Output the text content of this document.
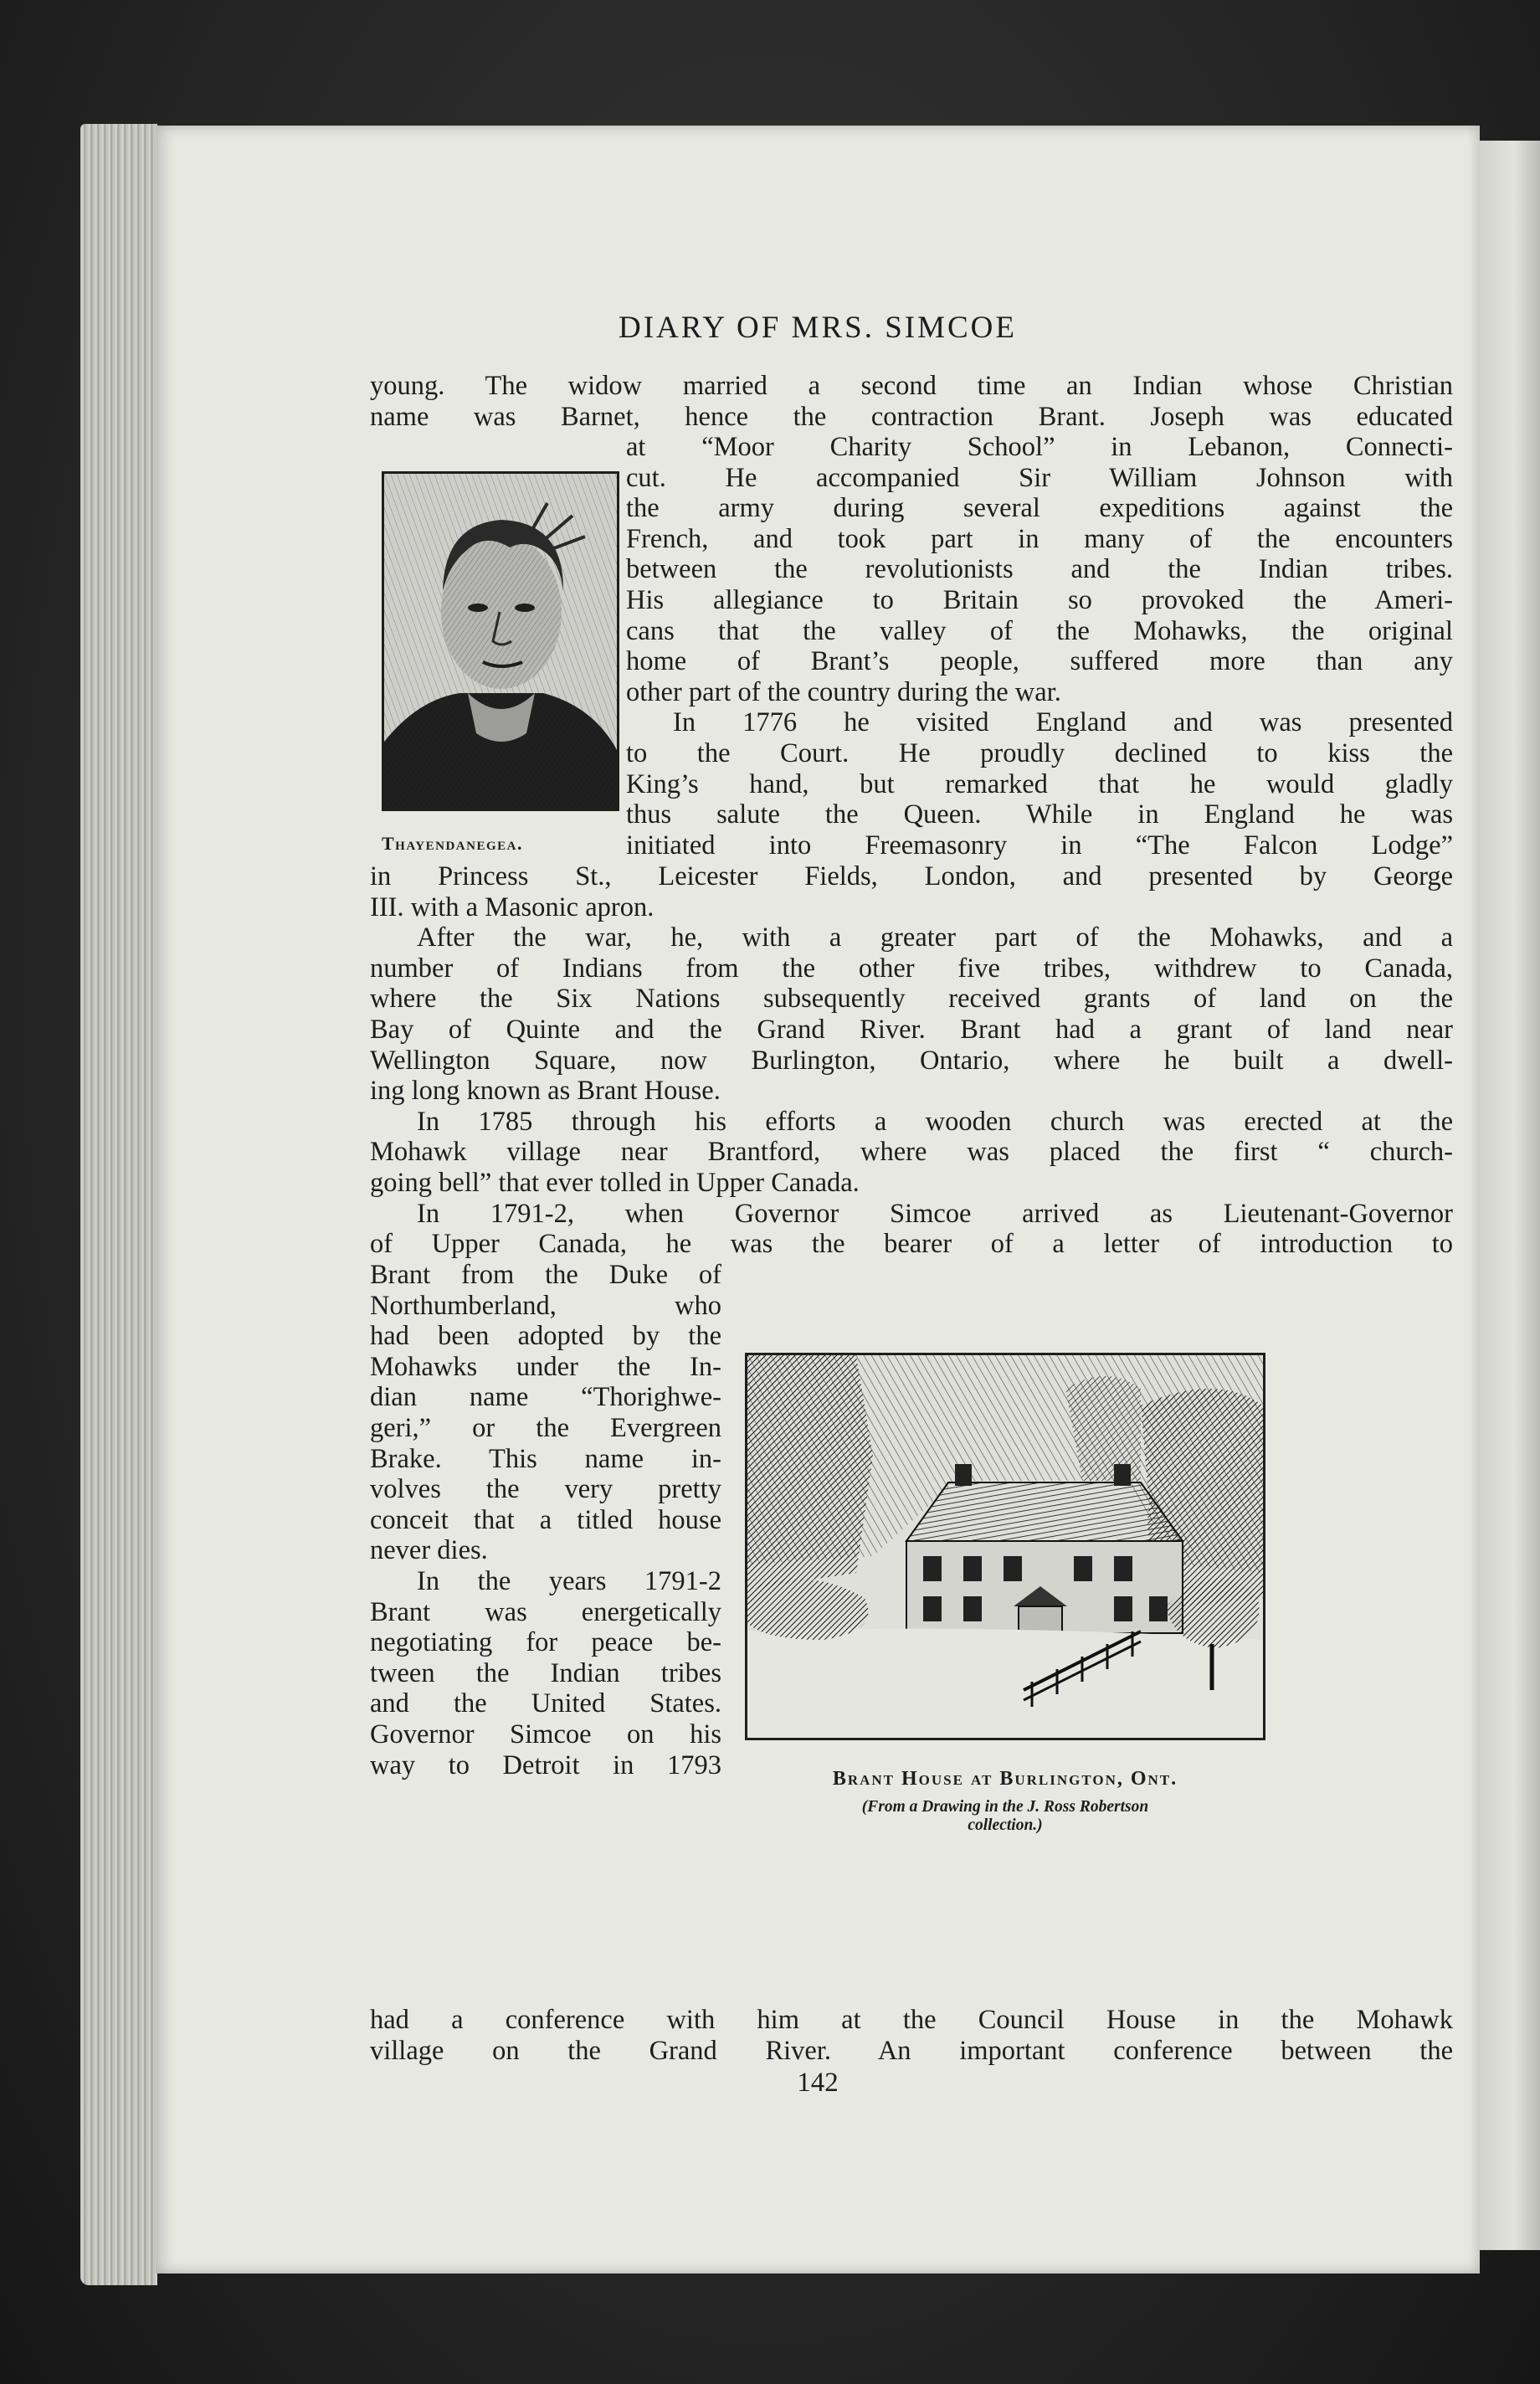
DIARY OF MRS. SIMCOE
young. The widow married a second time an Indian whose Christian
name was Barnet, hence the contraction Brant. Joseph was educated
at “Moor Charity School” in Lebanon, Connecti-
cut. He accompanied Sir William Johnson with
the army during several expeditions against the
French, and took part in many of the encounters
between the revolutionists and the Indian tribes.
His allegiance to Britain so provoked the Ameri-
cans that the valley of the Mohawks, the original
home of Brant’s people, suffered more than any
other part of the country during the war.
In 1776 he visited England and was presented
to the Court. He proudly declined to kiss the
King’s hand, but remarked that he would gladly
thus salute the Queen. While in England he was
initiated into Freemasonry in “The Falcon Lodge”
Thayendanegea.
in Princess St., Leicester Fields, London, and presented by George
III. with a Masonic apron.
After the war, he, with a greater part of the Mohawks, and a
number of Indians from the other five tribes, withdrew to Canada,
where the Six Nations subsequently received grants of land on the
Bay of Quinte and the Grand River. Brant had a grant of land near
Wellington Square, now Burlington, Ontario, where he built a dwell-
ing long known as Brant House.
In 1785 through his efforts a wooden church was erected at the
Mohawk village near Brantford, where was placed the first “ church-
going bell” that ever tolled in Upper Canada.
In 1791-2, when Governor Simcoe arrived as Lieutenant-Governor
of Upper Canada, he was the bearer of a letter of introduction to
Brant from the Duke of
Northumberland, who
had been adopted by the
Mohawks under the In-
dian name “Thorighwe-
geri,” or the Evergreen
Brake. This name in-
volves the very pretty
conceit that a titled house
never dies.
In the years 1791-2
Brant was energetically
negotiating for peace be-
tween the Indian tribes
and the United States.
Governor Simcoe on his
way to Detroit in 1793	Brant House at Burlington, Ont.
(From a Drawing in the J. Ross Robertson
collection.)
had a conference with him at the Council House in the Mohawk
village on the Grand River. An important conference between the
142
